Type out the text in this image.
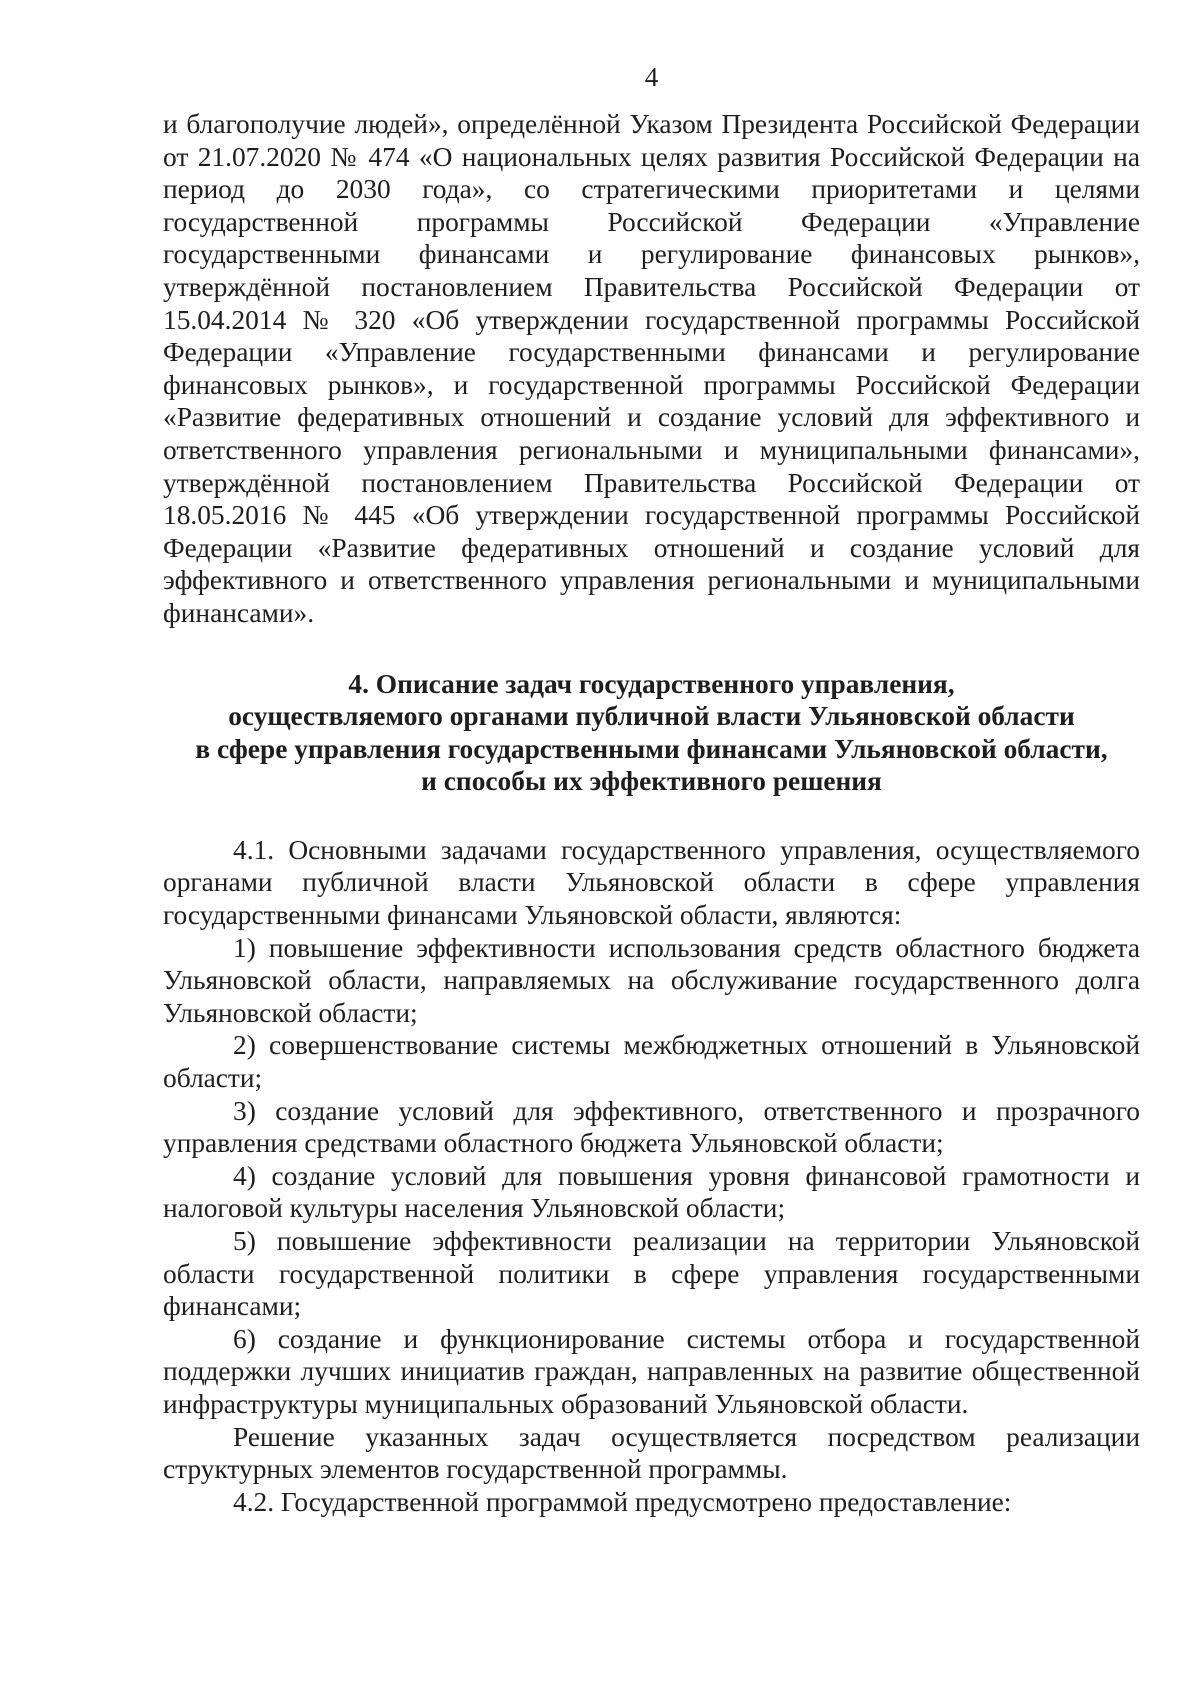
4

и благополучие людей», определённой Указом Президента Российской Федерации от 21.07.2020 № 474 «О национальных целях развития Российской Федерации на период до 2030 года», со стратегическими приоритетами и целями государственной программы Российской Федерации «Управление государственными финансами и регулирование финансовых рынков», утверждённой постановлением Правительства Российской Федерации от 15.04.2014 № 320 «Об утверждении государственной программы Российской Федерации «Управление государственными финансами и регулирование финансовых рынков», и государственной программы Российской Федерации «Развитие федеративных отношений и создание условий для эффективного и ответственного управления региональными и муниципальными финансами», утверждённой постановлением Правительства Российской Федерации от 18.05.2016 № 445 «Об утверждении государственной программы Российской Федерации «Развитие федеративных отношений и создание условий для эффективного и ответственного управления региональными и муниципальными финансами».

4. Описание задач государственного управления,
осуществляемого органами публичной власти Ульяновской области
в сфере управления государственными финансами Ульяновской области,
и способы их эффективного решения

4.1. Основными задачами государственного управления, осуществляемого органами публичной власти Ульяновской области в сфере управления государственными финансами Ульяновской области, являются:

1) повышение эффективности использования средств областного бюджета Ульяновской области, направляемых на обслуживание государственного долга Ульяновской области;

2) совершенствование системы межбюджетных отношений в Ульяновской области;

3) создание условий для эффективного, ответственного и прозрачного управления средствами областного бюджета Ульяновской области;

4) создание условий для повышения уровня финансовой грамотности и налоговой культуры населения Ульяновской области;

5) повышение эффективности реализации на территории Ульяновской области государственной политики в сфере управления государственными финансами;

6) создание и функционирование системы отбора и государственной поддержки лучших инициатив граждан, направленных на развитие общественной инфраструктуры муниципальных образований Ульяновской области.

Решение указанных задач осуществляется посредством реализации структурных элементов государственной программы.

4.2. Государственной программой предусмотрено предоставление:
